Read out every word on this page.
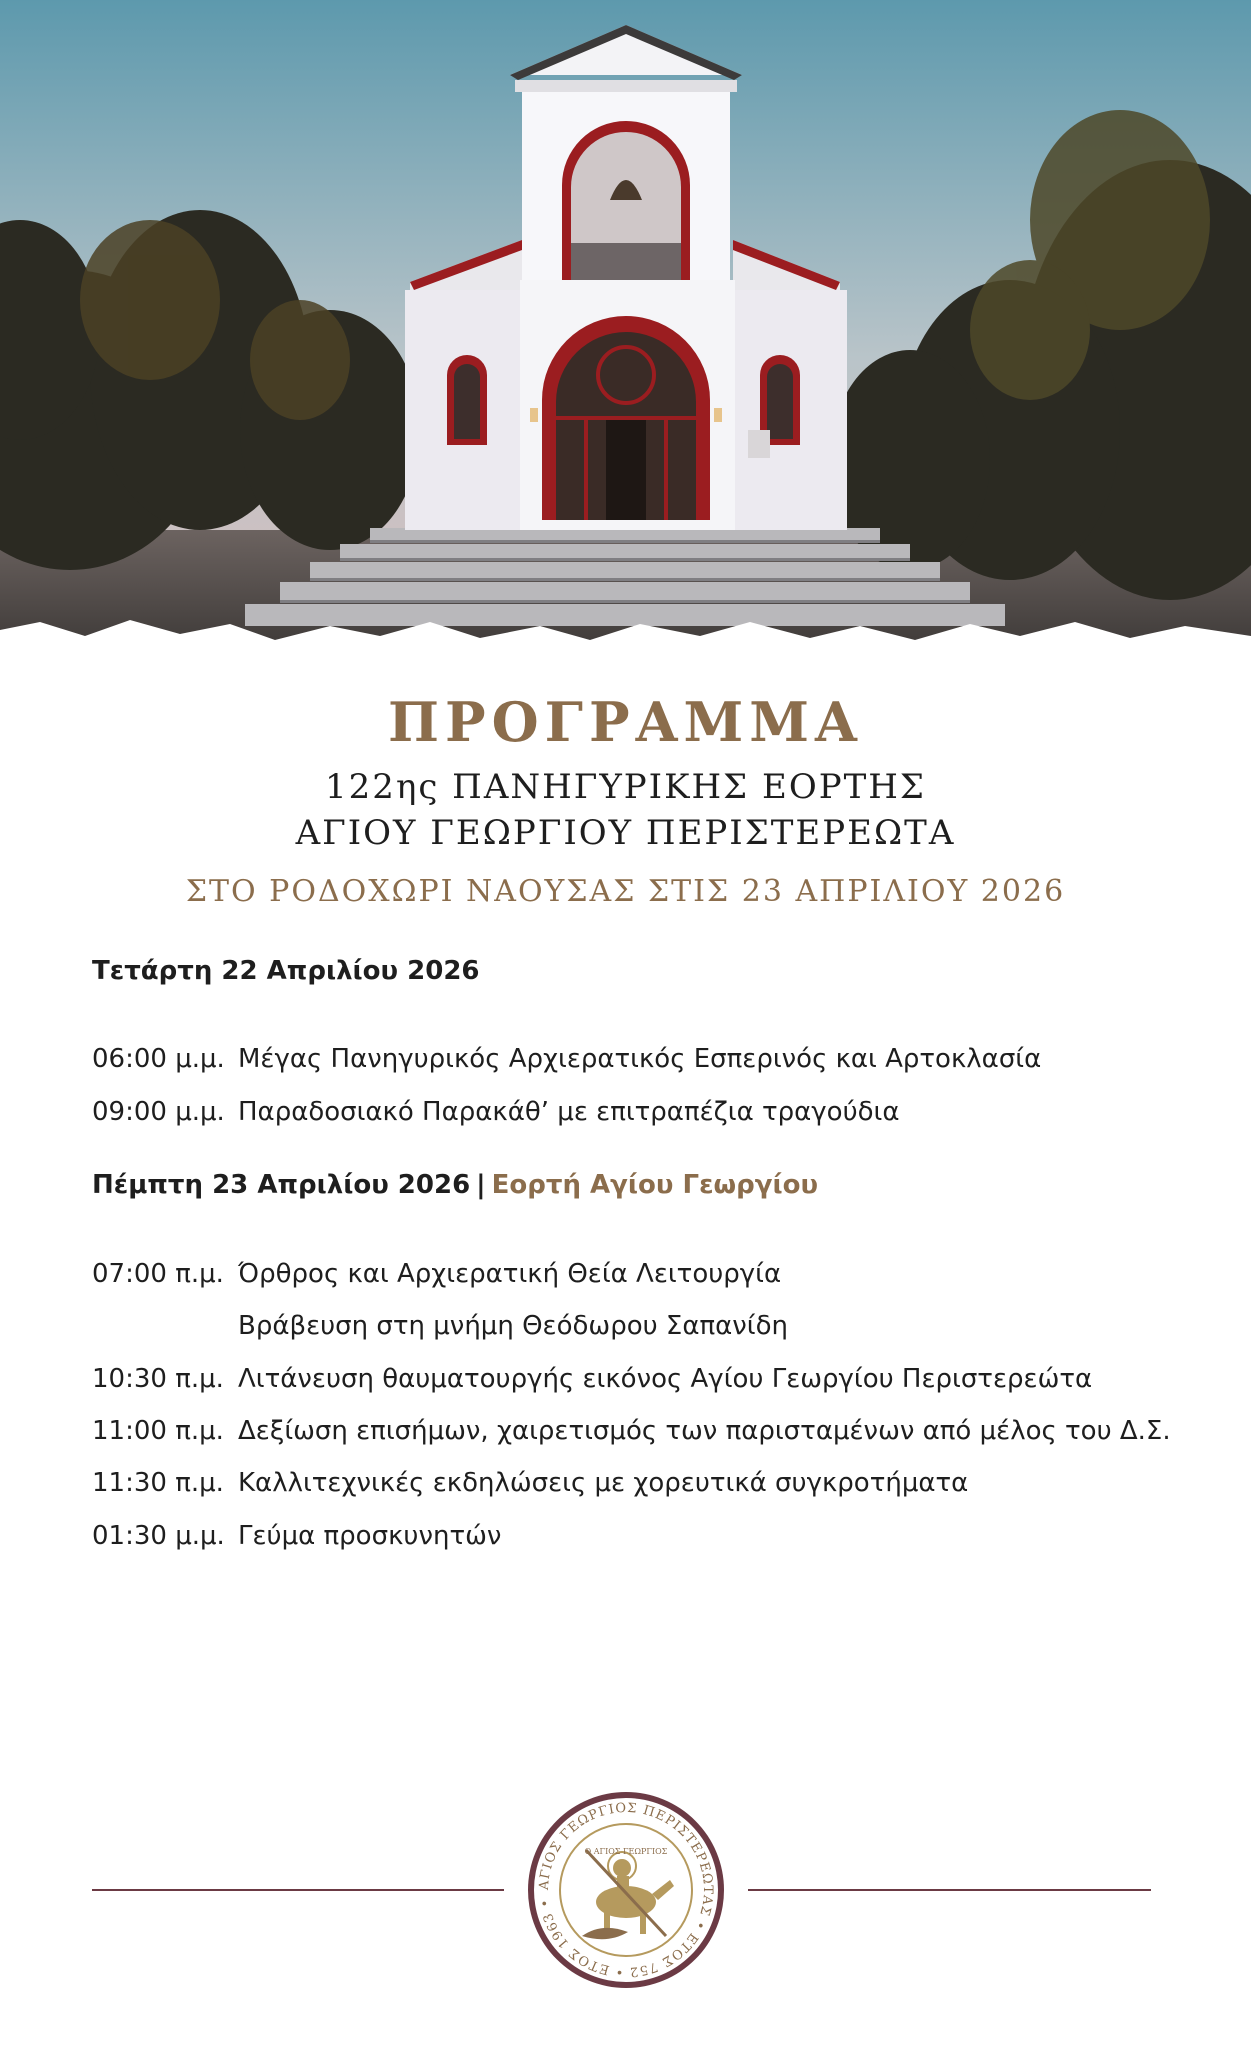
ΠΡΟΓΡΑΜΜΑ

122ης ΠΑΝΗΓΥΡΙΚΗΣ ΕΟΡΤΗΣ

ΑΓΙΟΥ ΓΕΩΡΓΙΟΥ ΠΕΡΙΣΤΕΡΕΩΤΑ

ΣΤΟ ΡΟΔΟΧΩΡΙ ΝΑΟΥΣΑΣ ΣΤΙΣ 23 ΑΠΡΙΛΙΟΥ 2026

Τετάρτη 22 Απριλίου 2026
06:00 μ.μ. Μέγας Πανηγυρικός Αρχιερατικός Εσπερινός και Αρτοκλασία
09:00 μ.μ. Παραδοσιακό Παρακάθ’ με επιτραπέζια τραγούδια
Πέμπτη 23 Απριλίου 2026 | Εορτή Αγίου Γεωργίου
07:00 π.μ. Όρθρος και Αρχιερατική Θεία Λειτουργία
Βράβευση στη μνήμη Θεόδωρου Σαπανίδη
10:30 π.μ. Λιτάνευση θαυματουργής εικόνος Αγίου Γεωργίου Περιστερεώτα
11:00 π.μ. Δεξίωση επισήμων, χαιρετισμός των παρισταμένων από μέλος του Δ.Σ.
11:30 π.μ. Καλλιτεχνικές εκδηλώσεις με χορευτικά συγκροτήματα
01:30 μ.μ. Γεύμα προσκυνητών
ΑΓΙΟΣ ΓΕΩΡΓΙΟΣ ΠΕΡΙΣΤΕΡΕΩΤΑΣ • ΕΤΟΣ 752 • ΕΤΟΣ 1963 •
Ο ΑΓΙΟΣ ΓΕΩΡΓΙΟΣ
